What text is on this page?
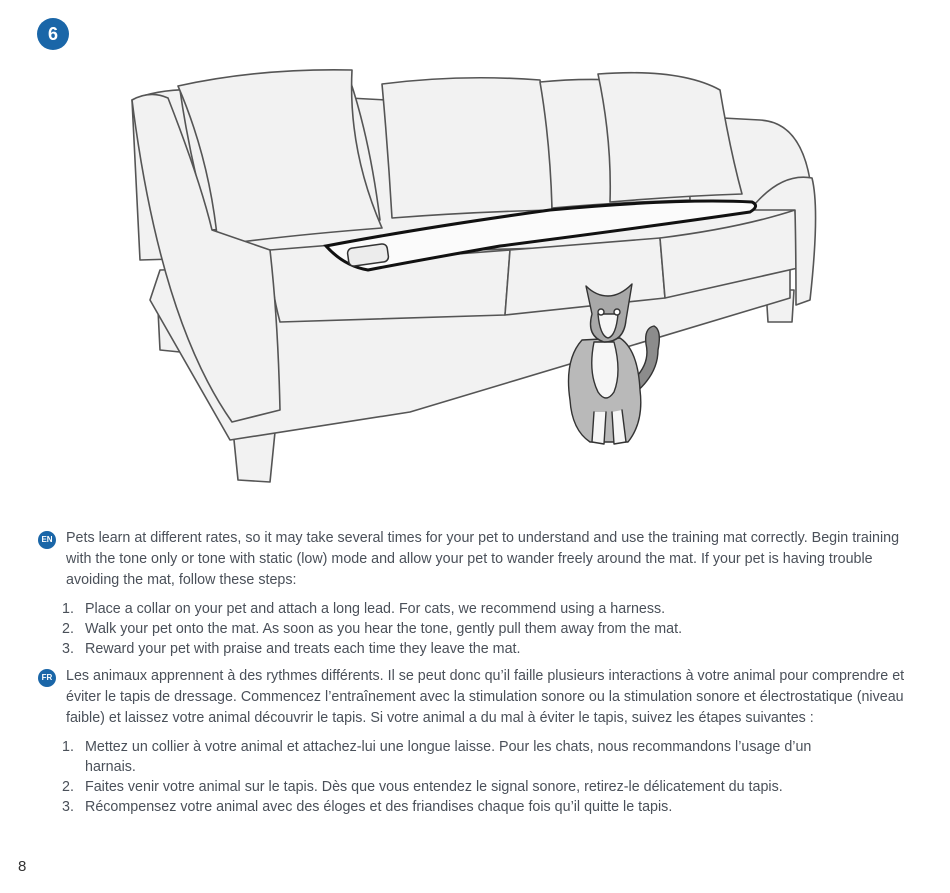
6
EN Pets learn at different rates, so it may take several times for your pet to understand and use the training mat correctly. Begin training with the tone only or tone with static (low) mode and allow your pet to wander freely around the mat. If your pet is having trouble avoiding the mat, follow these steps:

1. Place a collar on your pet and attach a long lead. For cats, we recommend using a harness.
2. Walk your pet onto the mat. As soon as you hear the tone, gently pull them away from the mat.
3. Reward your pet with praise and treats each time they leave the mat.
FR Les animaux apprennent à des rythmes différents. Il se peut donc qu’il faille plusieurs interactions à votre animal pour comprendre et éviter le tapis de dressage. Commencez l’entraînement avec la stimulation sonore ou la stimulation sonore et électrostatique (niveau faible) et laissez votre animal découvrir le tapis. Si votre animal a du mal à éviter le tapis, suivez les étapes suivantes :

1. Mettez un collier à votre animal et attachez-lui une longue laisse. Pour les chats, nous recommandons l’usage d’un harnais.
2. Faites venir votre animal sur le tapis. Dès que vous entendez le signal sonore, retirez-le délicatement du tapis.
3. Récompensez votre animal avec des éloges et des friandises chaque fois qu’il quitte le tapis.
8
